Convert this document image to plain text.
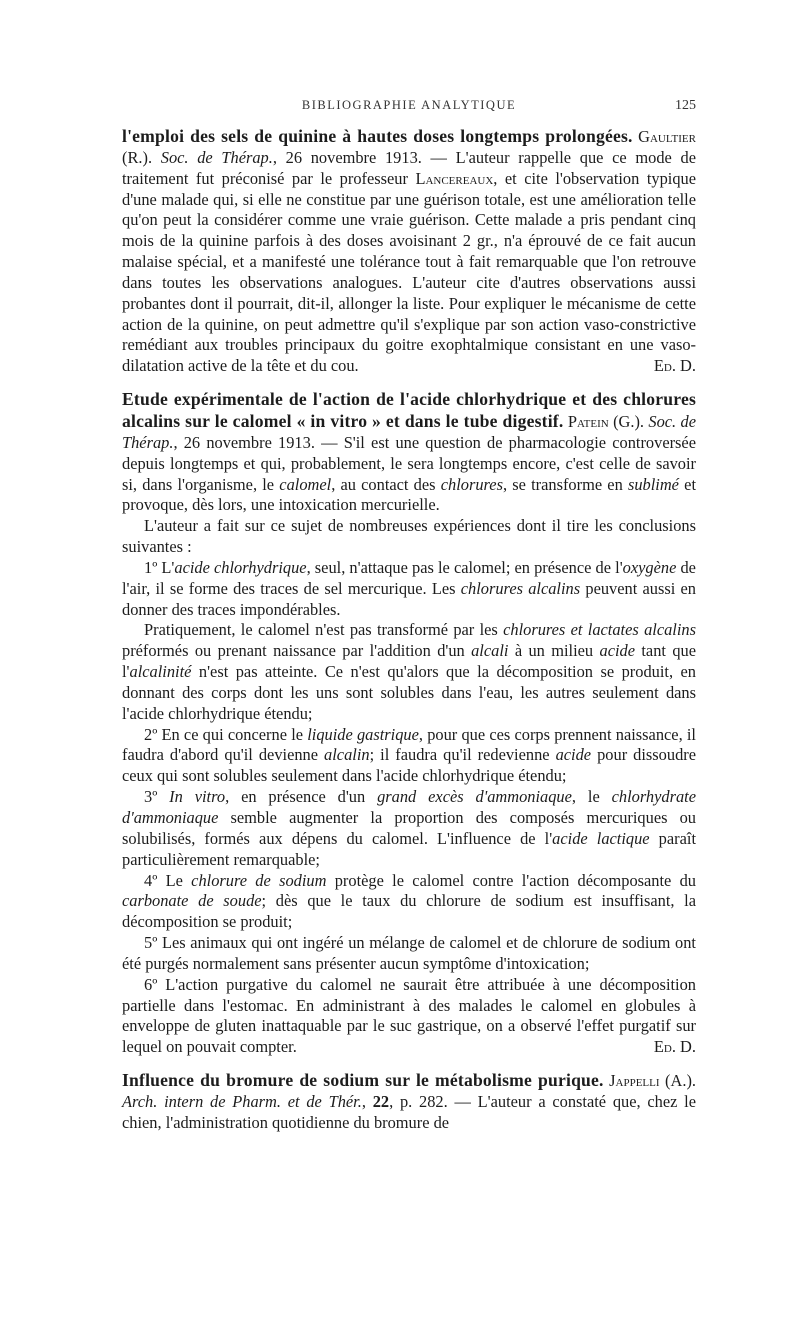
BIBLIOGRAPHIE ANALYTIQUE	125

l'emploi des sels de quinine à hautes doses longtemps prolongées. Gaultier (R.). Soc. de Thérap., 26 novembre 1913. — L'auteur rappelle que ce mode de traitement fut préconisé par le professeur Lancereaux, et cite l'observation typique d'une malade qui, si elle ne constitue par une guérison totale, est une amélioration telle qu'on peut la considérer comme une vraie guérison. Cette malade a pris pendant cinq mois de la quinine parfois à des doses avoisinant 2 gr., n'a éprouvé de ce fait aucun malaise spécial, et a manifesté une tolérance tout à fait remarquable que l'on retrouve dans toutes les observations analogues. L'auteur cite d'autres observations aussi probantes dont il pourrait, dit-il, allonger la liste. Pour expliquer le mécanisme de cette action de la quinine, on peut admettre qu'il s'explique par son action vaso-constrictive remédiant aux troubles principaux du goitre exophtalmique consistant en une vaso-dilatation active de la tête et du cou.	Ed. D.

Etude expérimentale de l'action de l'acide chlorhydrique et des chlorures alcalins sur le calomel « in vitro » et dans le tube digestif. Patein (G.). Soc. de Thérap., 26 novembre 1913. — S'il est une question de pharmacologie controversée depuis longtemps et qui, probablement, le sera longtemps encore, c'est celle de savoir si, dans l'organisme, le calomel, au contact des chlorures, se transforme en sublimé et provoque, dès lors, une intoxication mercurielle.

L'auteur a fait sur ce sujet de nombreuses expériences dont il tire les conclusions suivantes :

1º L'acide chlorhydrique, seul, n'attaque pas le calomel; en présence de l'oxygène de l'air, il se forme des traces de sel mercurique. Les chlorures alcalins peuvent aussi en donner des traces impondérables.

Pratiquement, le calomel n'est pas transformé par les chlorures et lactates alcalins préformés ou prenant naissance par l'addition d'un alcali à un milieu acide tant que l'alcalinité n'est pas atteinte. Ce n'est qu'alors que la décomposition se produit, en donnant des corps dont les uns sont solubles dans l'eau, les autres seulement dans l'acide chlorhydrique étendu;

2º En ce qui concerne le liquide gastrique, pour que ces corps prennent naissance, il faudra d'abord qu'il devienne alcalin; il faudra qu'il redevienne acide pour dissoudre ceux qui sont solubles seulement dans l'acide chlorhydrique étendu;

3º In vitro, en présence d'un grand excès d'ammoniaque, le chlorhydrate d'ammoniaque semble augmenter la proportion des composés mercuriques ou solubilisés, formés aux dépens du calomel. L'influence de l'acide lactique paraît particulièrement remarquable;

4º Le chlorure de sodium protège le calomel contre l'action décomposante du carbonate de soude; dès que le taux du chlorure de sodium est insuffisant, la décomposition se produit;

5º Les animaux qui ont ingéré un mélange de calomel et de chlorure de sodium ont été purgés normalement sans présenter aucun symptôme d'intoxication;

6º L'action purgative du calomel ne saurait être attribuée à une décomposition partielle dans l'estomac. En administrant à des malades le calomel en globules à enveloppe de gluten inattaquable par le suc gastrique, on a observé l'effet purgatif sur lequel on pouvait compter.	Ed. D.

Influence du bromure de sodium sur le métabolisme purique. Jappelli (A.). Arch. intern de Pharm. et de Thér., 22, p. 282. — L'auteur a constaté que, chez le chien, l'administration quotidienne du bromure de
